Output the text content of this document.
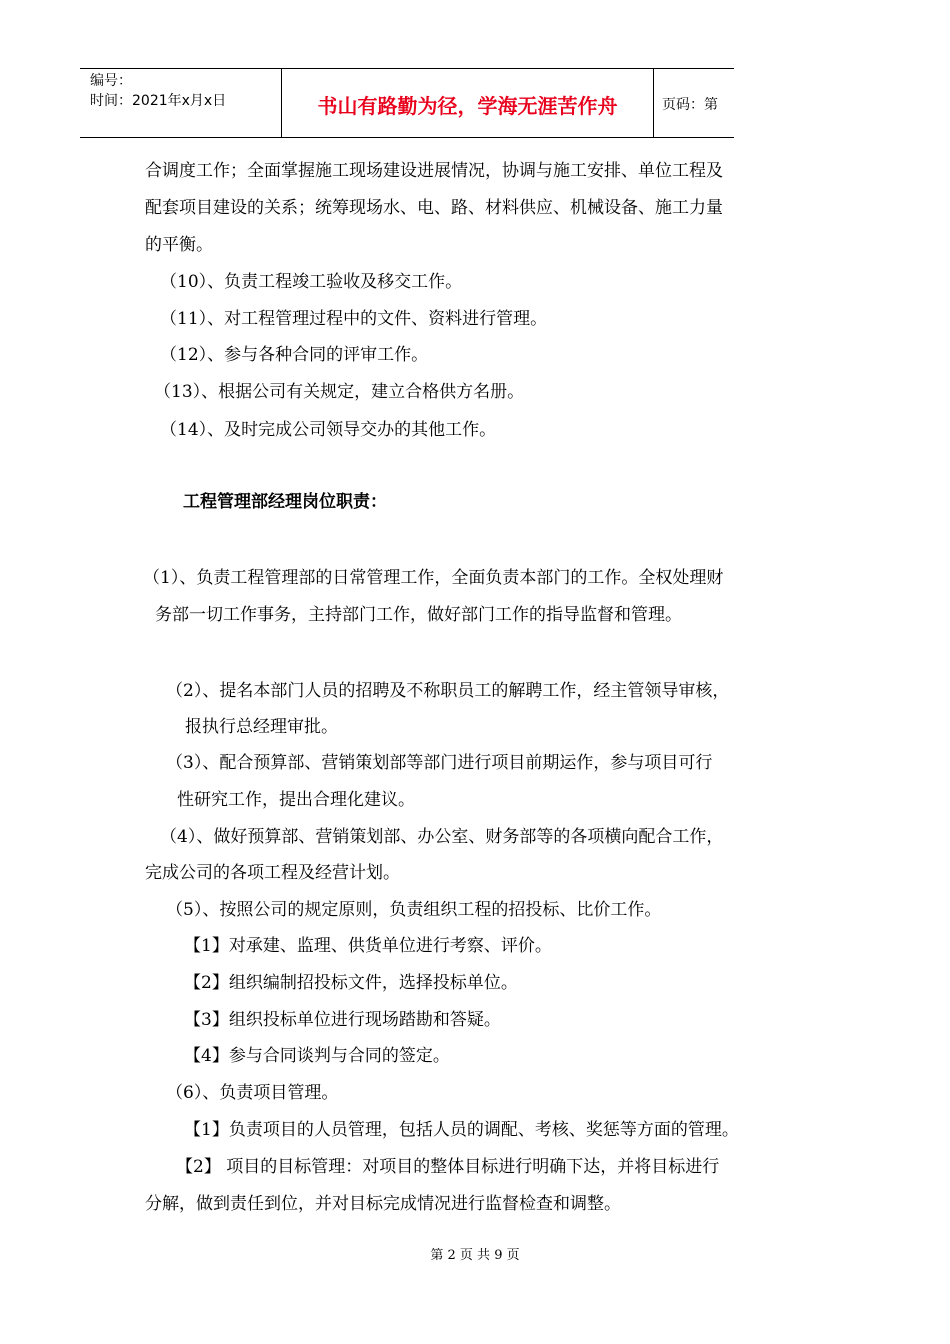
编号：
时间：2021年x月x日	书山有路勤为径，学海无涯苦作舟	页码：第
合调度工作；全面掌握施工现场建设进展情况，协调与施工安排、单位工程及
配套项目建设的关系；统筹现场水、电、路、材料供应、机械设备、施工力量
的平衡。
（10）、负责工程竣工验收及移交工作。
（11）、对工程管理过程中的文件、资料进行管理。
（12）、参与各种合同的评审工作。
（13）、根据公司有关规定，建立合格供方名册。
（14）、及时完成公司领导交办的其他工作。
工程管理部经理岗位职责：
（1）、负责工程管理部的日常管理工作，全面负责本部门的工作。全权处理财
务部一切工作事务，主持部门工作，做好部门工作的指导监督和管理。
（2）、提名本部门人员的招聘及不称职员工的解聘工作，经主管领导审核，
报执行总经理审批。
（3）、配合预算部、营销策划部等部门进行项目前期运作，参与项目可行
性研究工作，提出合理化建议。
（4）、做好预算部、营销策划部、办公室、财务部等的各项横向配合工作，
完成公司的各项工程及经营计划。
（5）、按照公司的规定原则，负责组织工程的招投标、比价工作。
【1】对承建、监理、供货单位进行考察、评价。
【2】组织编制招投标文件，选择投标单位。
【3】组织投标单位进行现场踏勘和答疑。
【4】参与合同谈判与合同的签定。
（6）、负责项目管理。
【1】负责项目的人员管理，包括人员的调配、考核、奖惩等方面的管理。
【2】 项目的目标管理：对项目的整体目标进行明确下达，并将目标进行
分解，做到责任到位，并对目标完成情况进行监督检查和调整。
第 2 页 共 9 页
